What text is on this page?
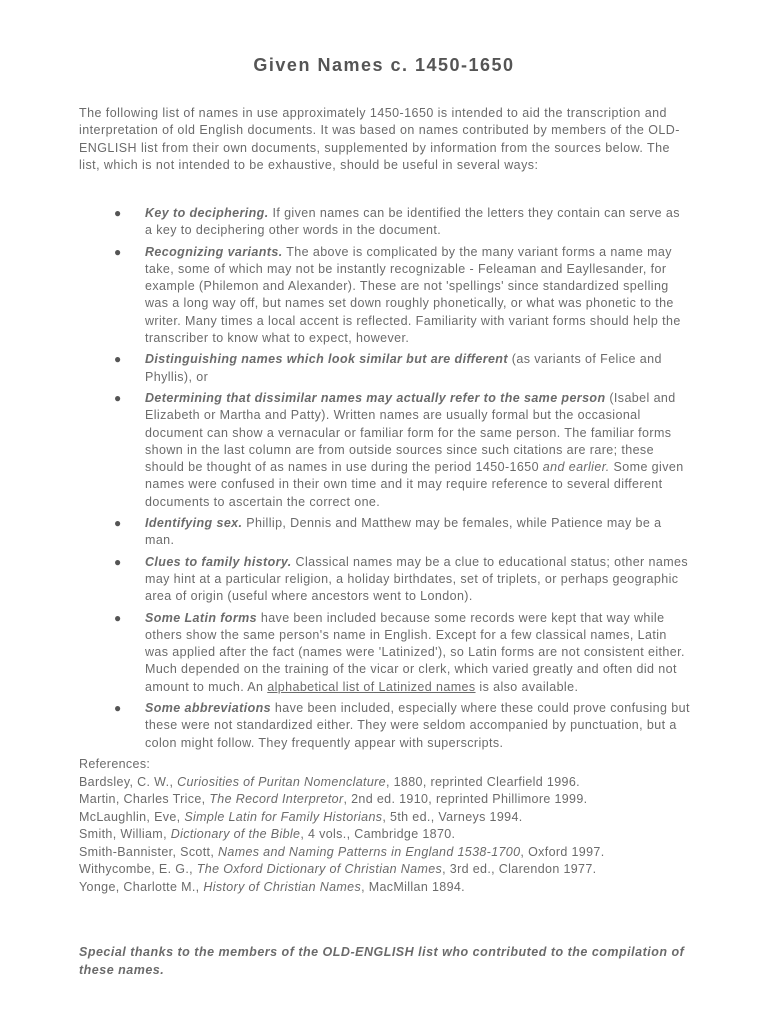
Given Names c. 1450-1650
The following list of names in use approximately 1450-1650 is intended to aid the transcription and interpretation of old English documents. It was based on names contributed by members of the OLD-ENGLISH list from their own documents, supplemented by information from the sources below. The list, which is not intended to be exhaustive, should be useful in several ways:
● Key to deciphering. If given names can be identified the letters they contain can serve as a key to deciphering other words in the document.
● Recognizing variants. The above is complicated by the many variant forms a name may take, some of which may not be instantly recognizable - Feleaman and Eayllesander, for example (Philemon and Alexander). These are not 'spellings' since standardized spelling was a long way off, but names set down roughly phonetically, or what was phonetic to the writer. Many times a local accent is reflected. Familiarity with variant forms should help the transcriber to know what to expect, however.
● Distinguishing names which look similar but are different (as variants of Felice and Phyllis), or
● Determining that dissimilar names may actually refer to the same person (Isabel and Elizabeth or Martha and Patty). Written names are usually formal but the occasional document can show a vernacular or familiar form for the same person. The familiar forms shown in the last column are from outside sources since such citations are rare; these should be thought of as names in use during the period 1450-1650 and earlier. Some given names were confused in their own time and it may require reference to several different documents to ascertain the correct one.
● Identifying sex. Phillip, Dennis and Matthew may be females, while Patience may be a man.
● Clues to family history. Classical names may be a clue to educational status; other names may hint at a particular religion, a holiday birthdates, set of triplets, or perhaps geographic area of origin (useful where ancestors went to London).
● Some Latin forms have been included because some records were kept that way while others show the same person's name in English. Except for a few classical names, Latin was applied after the fact (names were 'Latinized'), so Latin forms are not consistent either. Much depended on the training of the vicar or clerk, which varied greatly and often did not amount to much. An alphabetical list of Latinized names is also available.
● Some abbreviations have been included, especially where these could prove confusing but these were not standardized either. They were seldom accompanied by punctuation, but a colon might follow. They frequently appear with superscripts.
References:
Bardsley, C. W., Curiosities of Puritan Nomenclature, 1880, reprinted Clearfield 1996.
Martin, Charles Trice, The Record Interpretor, 2nd ed. 1910, reprinted Phillimore 1999.
McLaughlin, Eve, Simple Latin for Family Historians, 5th ed., Varneys 1994.
Smith, William, Dictionary of the Bible, 4 vols., Cambridge 1870.
Smith-Bannister, Scott, Names and Naming Patterns in England 1538-1700, Oxford 1997.
Withycombe, E. G., The Oxford Dictionary of Christian Names, 3rd ed., Clarendon 1977.
Yonge, Charlotte M., History of Christian Names, MacMillan 1894.
Special thanks to the members of the OLD-ENGLISH list who contributed to the compilation of these names.
